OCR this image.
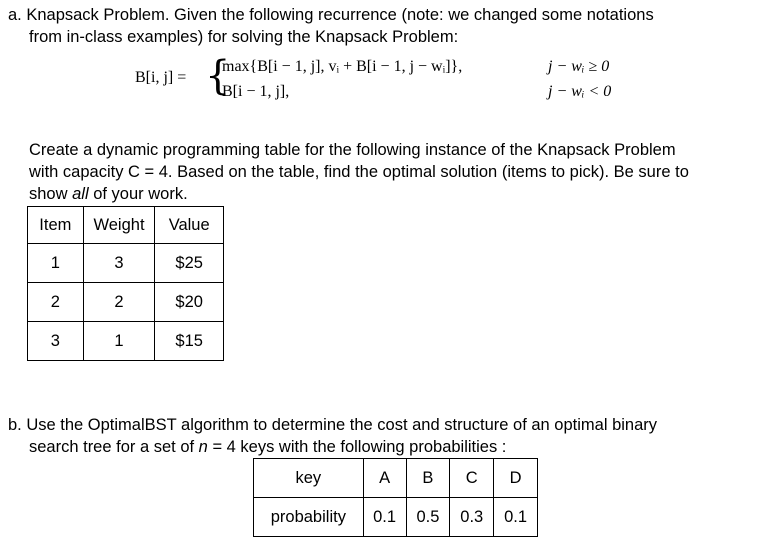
a. Knapsack Problem. Given the following recurrence (note: we changed some notations
from in-class examples) for solving the Knapsack Problem:
B[i, j] = {
max{B[i − 1, j], vᵢ + B[i − 1, j − wᵢ]},	j − wᵢ ≥ 0
B[i − 1, j],	j − wᵢ < 0
Create a dynamic programming table for the following instance of the Knapsack Problem
with capacity C = 4. Based on the table, find the optimal solution (items to pick). Be sure to
show all of your work.
Item	Weight	Value
1	3	$25
2	2	$20
3	1	$15
b. Use the OptimalBST algorithm to determine the cost and structure of an optimal binary
search tree for a set of n = 4 keys with the following probabilities :
key	A	B	C	D
probability	0.1	0.5	0.3	0.1
